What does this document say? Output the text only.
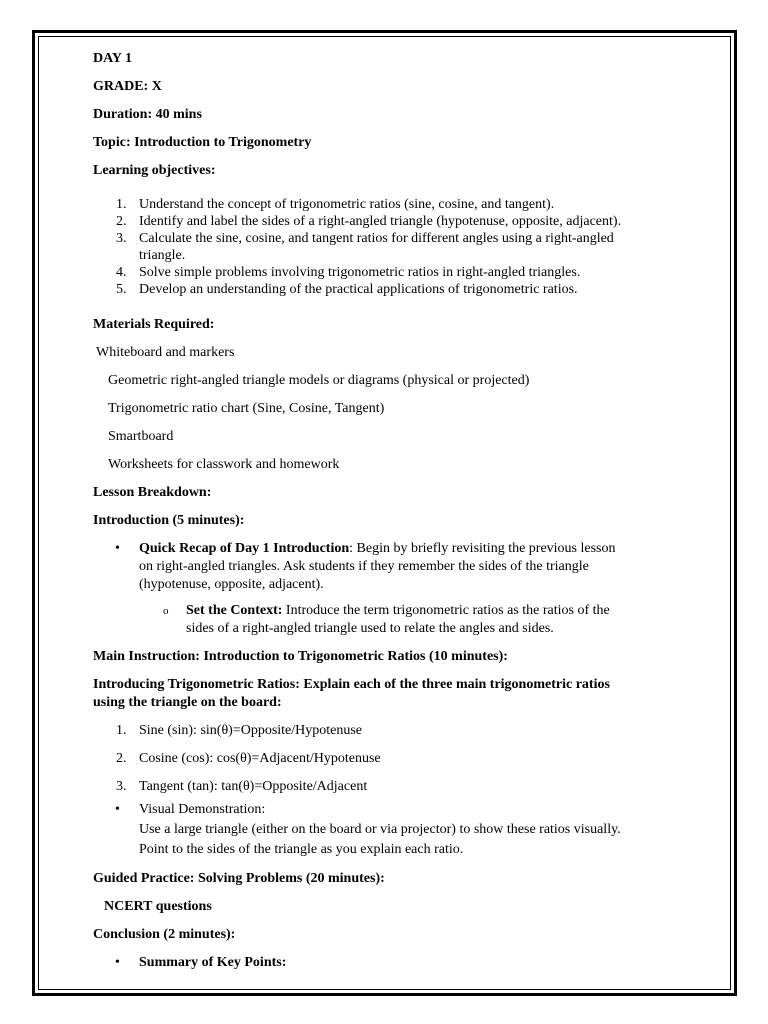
DAY 1
GRADE: X
Duration: 40 mins
Topic: Introduction to Trigonometry
Learning objectives:
1. Understand the concept of trigonometric ratios (sine, cosine, and tangent).
2. Identify and label the sides of a right-angled triangle (hypotenuse, opposite, adjacent).
3. Calculate the sine, cosine, and tangent ratios for different angles using a right-angled
triangle.
4. Solve simple problems involving trigonometric ratios in right-angled triangles.
5. Develop an understanding of the practical applications of trigonometric ratios.
Materials Required:
Whiteboard and markers
Geometric right-angled triangle models or diagrams (physical or projected)
Trigonometric ratio chart (Sine, Cosine, Tangent)
Smartboard
Worksheets for classwork and homework
Lesson Breakdown:
Introduction (5 minutes):
• Quick Recap of Day 1 Introduction: Begin by briefly revisiting the previous lesson
on right-angled triangles. Ask students if they remember the sides of the triangle
(hypotenuse, opposite, adjacent).
o Set the Context: Introduce the term trigonometric ratios as the ratios of the
sides of a right-angled triangle used to relate the angles and sides.
Main Instruction: Introduction to Trigonometric Ratios (10 minutes):
Introducing Trigonometric Ratios: Explain each of the three main trigonometric ratios
using the triangle on the board:
1. Sine (sin): sin(θ)=Opposite/Hypotenuse
2. Cosine (cos): cos(θ)=Adjacent/Hypotenuse
3. Tangent (tan): tan(θ)=Opposite/Adjacent
• Visual Demonstration:
Use a large triangle (either on the board or via projector) to show these ratios visually.
Point to the sides of the triangle as you explain each ratio.
Guided Practice: Solving Problems (20 minutes):
NCERT questions
Conclusion (2 minutes):
• Summary of Key Points:
